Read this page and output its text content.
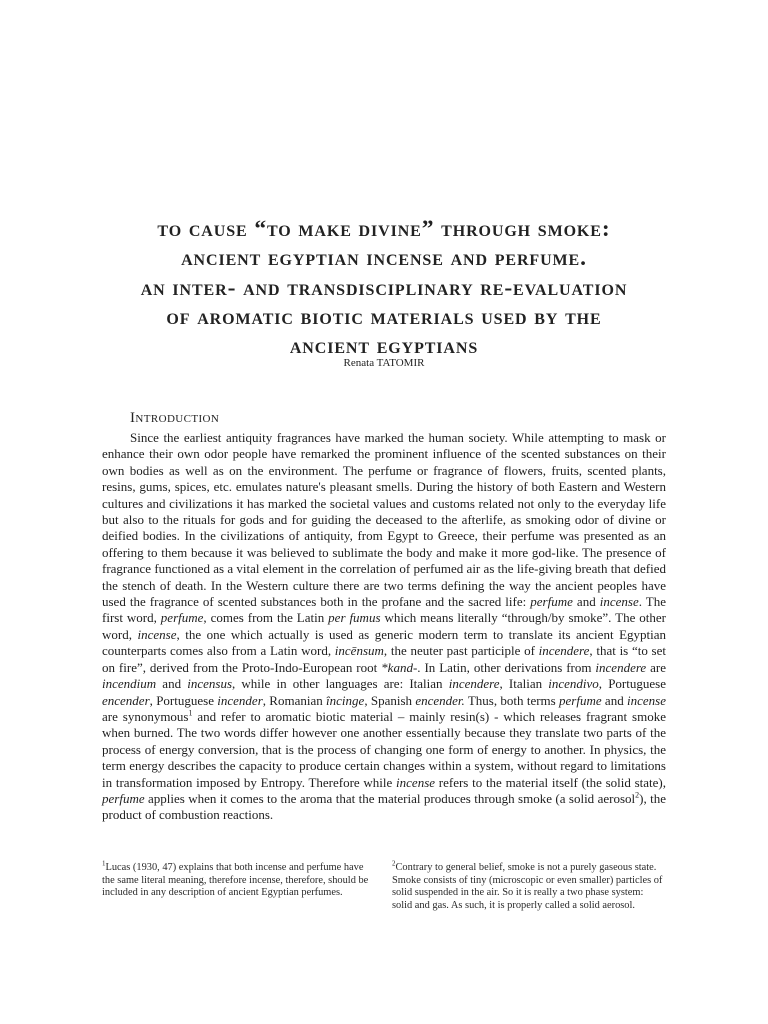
to cause “to make divine” through smoke:
ancient egyptian incense and perfume.
an inter- and transdisciplinary re-evaluation
of aromatic biotic materials used by the
ancient egyptians
Renata TATOMIR
Introduction

Since the earliest antiquity fragrances have marked the human society. While attempting to mask or enhance their own odor people have remarked the prominent influence of the scented substances on their own bodies as well as on the environment. The perfume or fragrance of flowers, fruits, scented plants, resins, gums, spices, etc. emulates nature's pleasant smells. During the history of both Eastern and Western cultures and civilizations it has marked the societal values and customs related not only to the everyday life but also to the rituals for gods and for guiding the deceased to the afterlife, as smoking odor of divine or deified bodies. In the civilizations of antiquity, from Egypt to Greece, their perfume was presented as an offering to them because it was believed to sublimate the body and make it more god-like. The presence of fragrance functioned as a vital element in the correlation of perfumed air as the life-giving breath that defied the stench of death. In the Western culture there are two terms defining the way the ancient peoples have used the fragrance of scented substances both in the profane and the sacred life: perfume and incense. The first word, perfume, comes from the Latin per fumus which means literally “through/by smoke”. The other word, incense, the one which actually is used as generic modern term to translate its ancient Egyptian counterparts comes also from a Latin word, incēnsum, the neuter past participle of incendere, that is “to set on fire”, derived from the Proto-Indo-European root *kand-. In Latin, other derivations from incendere are incendium and incensus, while in other languages are: Italian incendere, Italian incendivo, Portuguese encender, Portuguese incender, Romanian încinge, Spanish encender. Thus, both terms perfume and incense are synonymous$^1$ and refer to aromatic biotic material – mainly resin(s) - which releases fragrant smoke when burned. The two words differ however one another essentially because they translate two parts of the process of energy conversion, that is the process of changing one form of energy to another. In physics, the term energy describes the capacity to produce certain changes within a system, without regard to limitations in transformation imposed by Entropy. Therefore while incense refers to the material itself (the solid state), perfume applies when it comes to the aroma that the material produces through smoke (a solid aerosol$^2$), the product of combustion reactions.

$^1$Lucas (1930, 47) explains that both incense and perfume have the same literal meaning, therefore incense, therefore, should be included in any description of ancient Egyptian perfumes.
$^2$Contrary to general belief, smoke is not a purely gaseous state. Smoke consists of tiny (microscopic or even smaller) particles of solid suspended in the air. So it is really a two phase system: solid and gas. As such, it is properly called a solid aerosol.
